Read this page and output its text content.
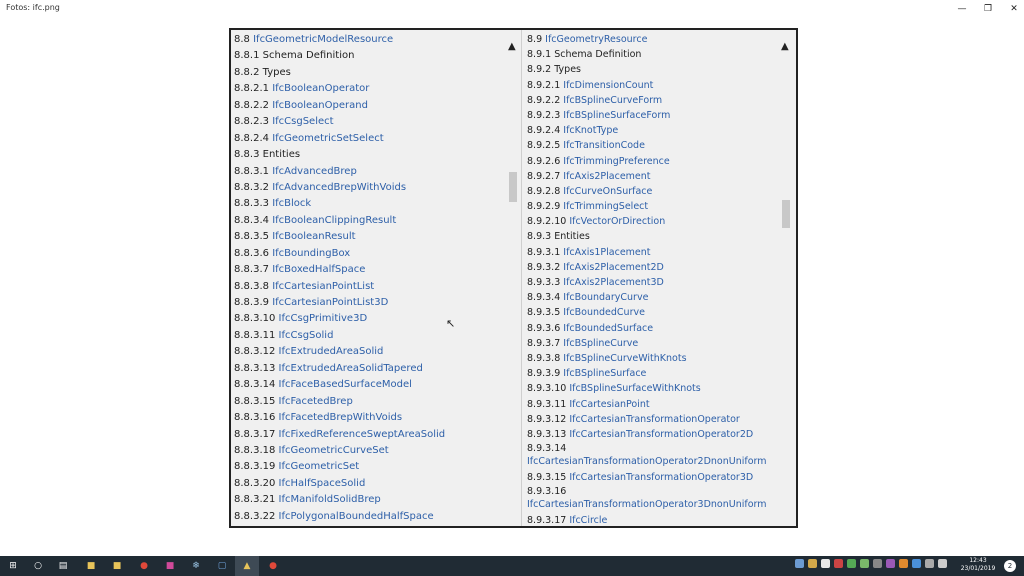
Fotos: ifc.png	—	❐	✕
8.8 IfcGeometricModelResource
8.8.1 Schema Definition
8.8.2 Types
8.8.2.1 IfcBooleanOperator
8.8.2.2 IfcBooleanOperand
8.8.2.3 IfcCsgSelect
8.8.2.4 IfcGeometricSetSelect
8.8.3 Entities
8.8.3.1 IfcAdvancedBrep
8.8.3.2 IfcAdvancedBrepWithVoids
8.8.3.3 IfcBlock
8.8.3.4 IfcBooleanClippingResult
8.8.3.5 IfcBooleanResult
8.8.3.6 IfcBoundingBox
8.8.3.7 IfcBoxedHalfSpace
8.8.3.8 IfcCartesianPointList
8.8.3.9 IfcCartesianPointList3D
8.8.3.10 IfcCsgPrimitive3D
8.8.3.11 IfcCsgSolid
8.8.3.12 IfcExtrudedAreaSolid
8.8.3.13 IfcExtrudedAreaSolidTapered
8.8.3.14 IfcFaceBasedSurfaceModel
8.8.3.15 IfcFacetedBrep
8.8.3.16 IfcFacetedBrepWithVoids
8.8.3.17 IfcFixedReferenceSweptAreaSolid
8.8.3.18 IfcGeometricCurveSet
8.8.3.19 IfcGeometricSet
8.8.3.20 IfcHalfSpaceSolid
8.8.3.21 IfcManifoldSolidBrep
8.8.3.22 IfcPolygonalBoundedHalfSpace
▲
8.9 IfcGeometryResource
8.9.1 Schema Definition
8.9.2 Types
8.9.2.1 IfcDimensionCount
8.9.2.2 IfcBSplineCurveForm
8.9.2.3 IfcBSplineSurfaceForm
8.9.2.4 IfcKnotType
8.9.2.5 IfcTransitionCode
8.9.2.6 IfcTrimmingPreference
8.9.2.7 IfcAxis2Placement
8.9.2.8 IfcCurveOnSurface
8.9.2.9 IfcTrimmingSelect
8.9.2.10 IfcVectorOrDirection
8.9.3 Entities
8.9.3.1 IfcAxis1Placement
8.9.3.2 IfcAxis2Placement2D
8.9.3.3 IfcAxis2Placement3D
8.9.3.4 IfcBoundaryCurve
8.9.3.5 IfcBoundedCurve
8.9.3.6 IfcBoundedSurface
8.9.3.7 IfcBSplineCurve
8.9.3.8 IfcBSplineCurveWithKnots
8.9.3.9 IfcBSplineSurface
8.9.3.10 IfcBSplineSurfaceWithKnots
8.9.3.11 IfcCartesianPoint
8.9.3.12 IfcCartesianTransformationOperator
8.9.3.13 IfcCartesianTransformationOperator2D
8.9.3.14
IfcCartesianTransformationOperator2DnonUniform
8.9.3.15 IfcCartesianTransformationOperator3D
8.9.3.16
IfcCartesianTransformationOperator3DnonUniform
8.9.3.17 IfcCircle
▲
↖
⊞	○	▤	■	■	●	■	❄	▢	▲	●
12:43
23/01/2019	2
